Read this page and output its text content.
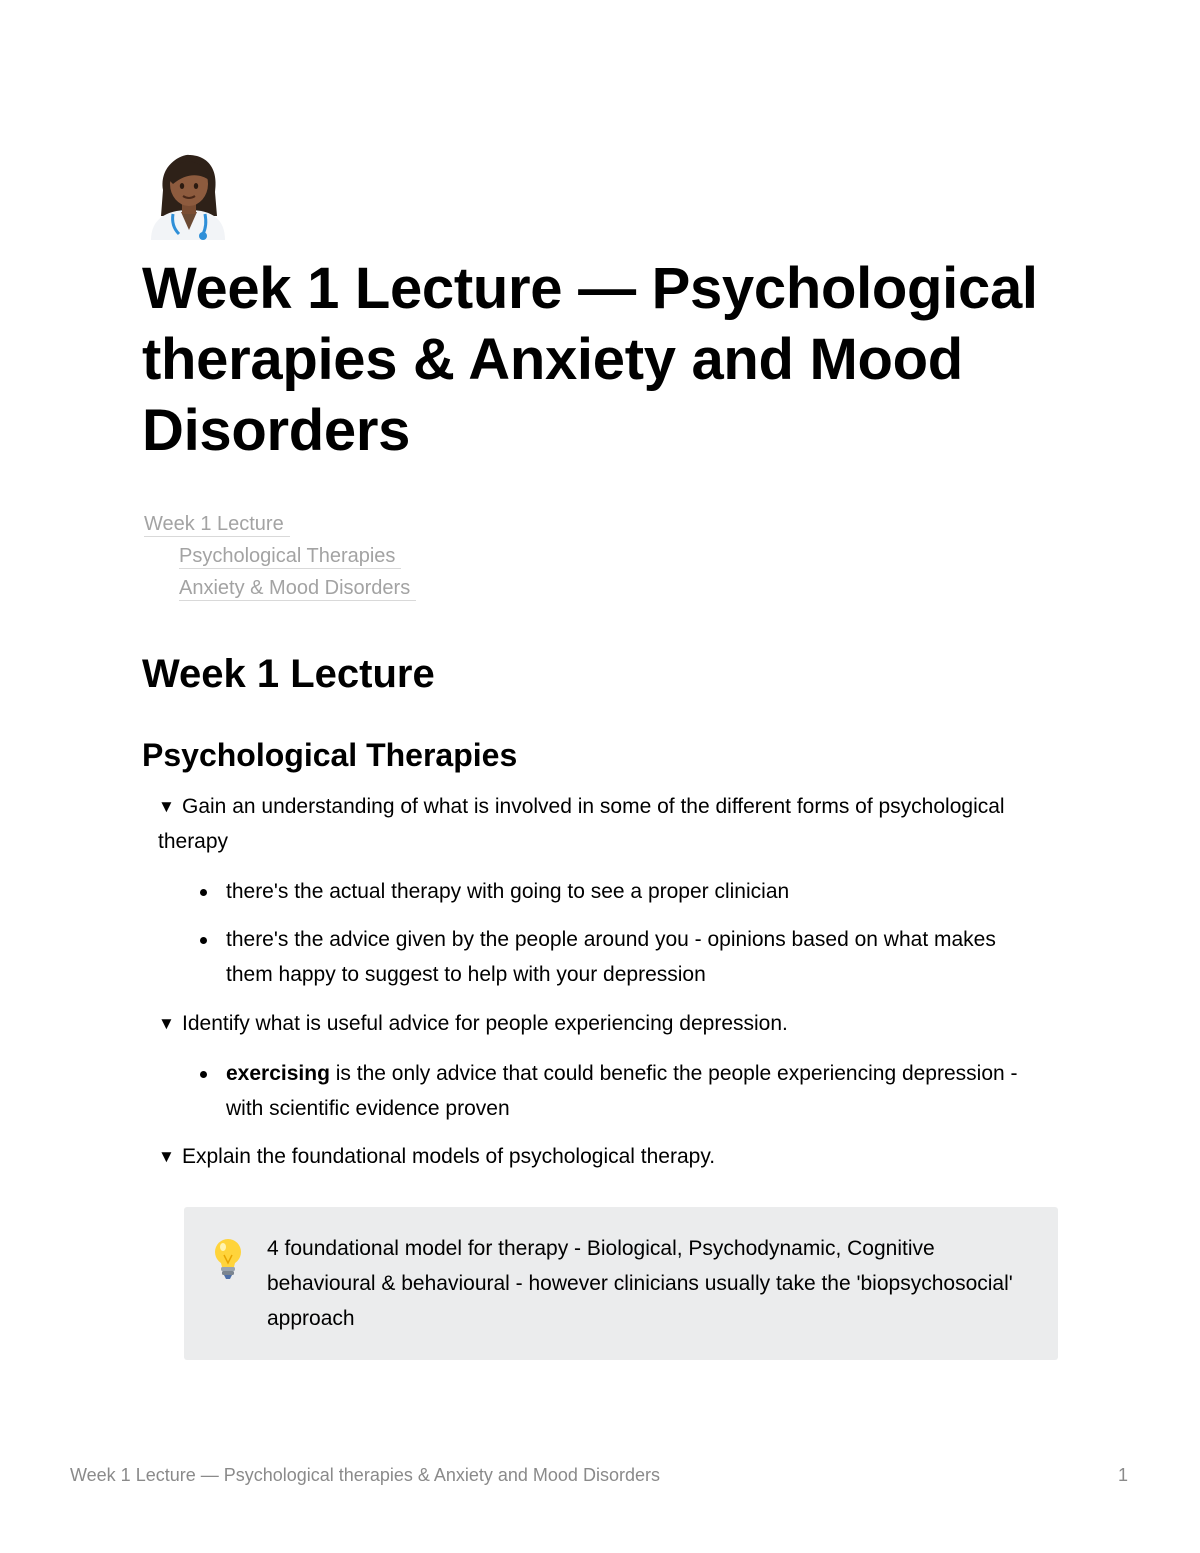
Week 1 Lecture — Psychological therapies & Anxiety and Mood Disorders
Week 1 Lecture
Psychological Therapies
Anxiety & Mood Disorders
Week 1 Lecture
Psychological Therapies
▼ Gain an understanding of what is involved in some of the different forms of psychological therapy
there's the actual therapy with going to see a proper clinician
there's the advice given by the people around you - opinions based on what makes them happy to suggest to help with your depression
▼ Identify what is useful advice for people experiencing depression.
exercising is the only advice that could benefic the people experiencing depression - with scientific evidence proven
▼ Explain the foundational models of psychological therapy.
4 foundational model for therapy - Biological, Psychodynamic, Cognitive behavioural & behavioural - however clinicians usually take the 'biopsychosocial' approach
Week 1 Lecture — Psychological therapies & Anxiety and Mood Disorders	1
